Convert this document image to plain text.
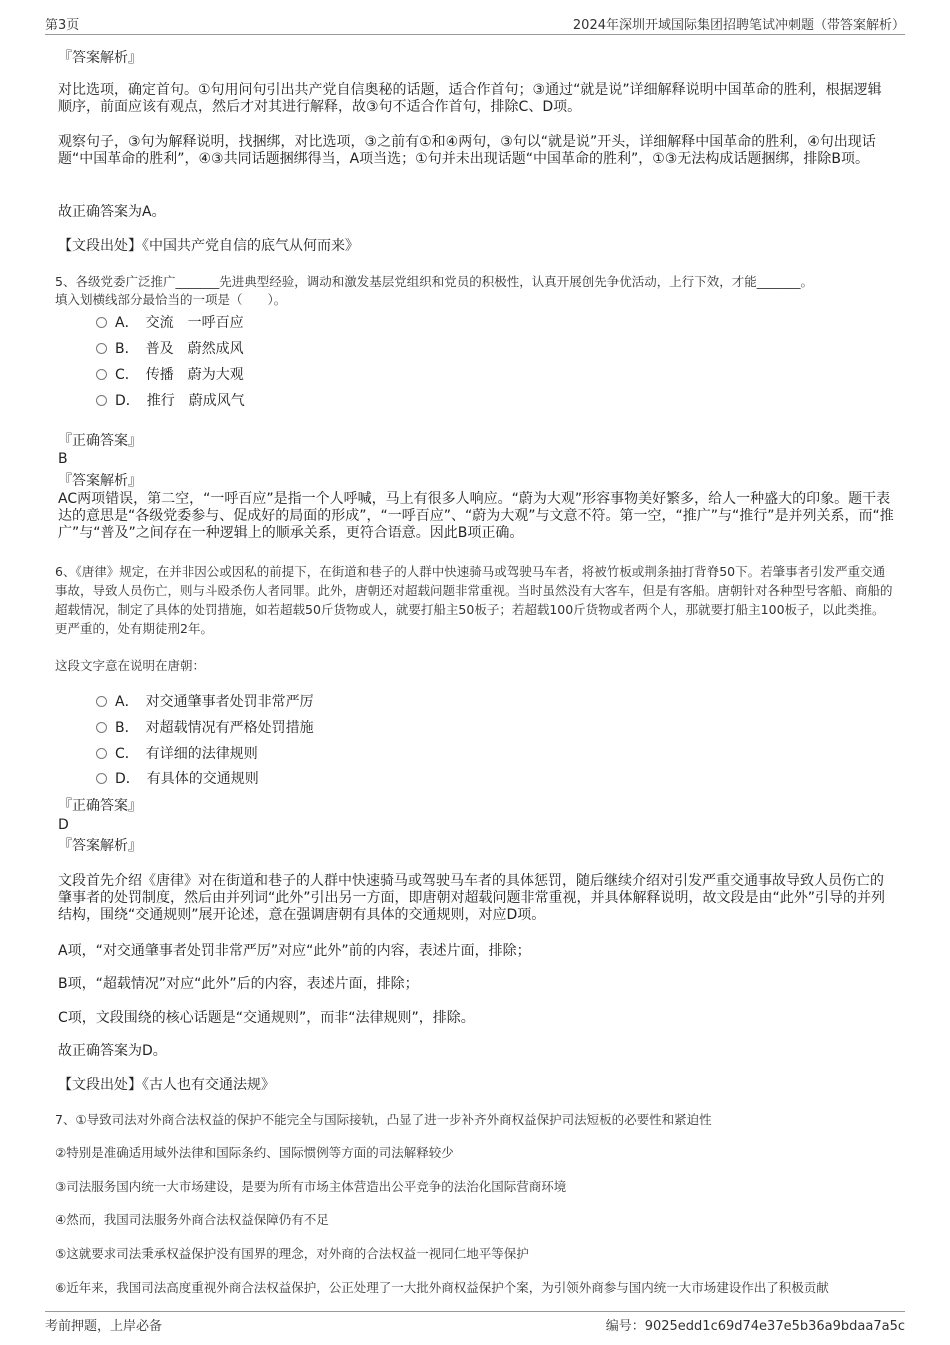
第3页	2024年深圳开域国际集团招聘笔试冲刺题（带答案解析）
『答案解析』
对比选项，确定首句。①句用问句引出共产党自信奥秘的话题，适合作首句；③通过“就是说”详细解释说明中国革命的胜利，根据逻辑顺序，前面应该有观点，然后才对其进行解释，故③句不适合作首句，排除C、D项。
观察句子，③句为解释说明，找捆绑，对比选项，③之前有①和④两句，③句以“就是说”开头，详细解释中国革命的胜利，④句出现话题“中国革命的胜利”，④③共同话题捆绑得当，A项当选；①句并未出现话题“中国革命的胜利”，①③无法构成话题捆绑，排除B项。
故正确答案为A。
【文段出处】《中国共产党自信的底气从何而来》
5、各级党委广泛推广_______先进典型经验，调动和激发基层党组织和党员的积极性，认真开展创先争优活动，上行下效，才能_______。
填入划横线部分最恰当的一项是（　　）。
A．　交流　一呼百应
B．　普及　蔚然成风
C．　传播　蔚为大观
D．　推行　蔚成风气
『正确答案』
B
『答案解析』
AC两项错误，第二空，“一呼百应”是指一个人呼喊，马上有很多人响应。“蔚为大观”形容事物美好繁多，给人一种盛大的印象。题干表达的意思是“各级党委参与、促成好的局面的形成”，“一呼百应”、“蔚为大观”与文意不符。第一空，“推广”与“推行”是并列关系，而“推广”与“普及”之间存在一种逻辑上的顺承关系，更符合语意。因此B项正确。
6、《唐律》规定，在并非因公或因私的前提下，在街道和巷子的人群中快速骑马或驾驶马车者，将被竹板或荆条抽打背脊50下。若肇事者引发严重交通事故，导致人员伤亡，则与斗殴杀伤人者同罪。此外，唐朝还对超载问题非常重视。当时虽然没有大客车，但是有客船。唐朝针对各种型号客船、商船的超载情况，制定了具体的处罚措施，如若超载50斤货物或人，就要打船主50板子；若超载100斤货物或者两个人，那就要打船主100板子，以此类推。更严重的，处有期徒刑2年。
这段文字意在说明在唐朝：
A．　对交通肇事者处罚非常严厉
B．　对超载情况有严格处罚措施
C．　有详细的法律规则
D．　有具体的交通规则
『正确答案』
D
『答案解析』
文段首先介绍《唐律》对在街道和巷子的人群中快速骑马或驾驶马车者的具体惩罚，随后继续介绍对引发严重交通事故导致人员伤亡的肇事者的处罚制度，然后由并列词“此外”引出另一方面，即唐朝对超载问题非常重视，并具体解释说明，故文段是由“此外”引导的并列结构，围绕“交通规则”展开论述，意在强调唐朝有具体的交通规则，对应D项。
A项，“对交通肇事者处罚非常严厉”对应“此外”前的内容，表述片面，排除；
B项，“超载情况”对应“此外”后的内容，表述片面，排除；
C项，文段围绕的核心话题是“交通规则”，而非“法律规则”，排除。
故正确答案为D。
【文段出处】《古人也有交通法规》
7、①导致司法对外商合法权益的保护不能完全与国际接轨，凸显了进一步补齐外商权益保护司法短板的必要性和紧迫性
②特别是准确适用域外法律和国际条约、国际惯例等方面的司法解释较少
③司法服务国内统一大市场建设，是要为所有市场主体营造出公平竞争的法治化国际营商环境
④然而，我国司法服务外商合法权益保障仍有不足
⑤这就要求司法秉承权益保护没有国界的理念，对外商的合法权益一视同仁地平等保护
⑥近年来，我国司法高度重视外商合法权益保护，公正处理了一大批外商权益保护个案，为引领外商参与国内统一大市场建设作出了积极贡献
考前押题，上岸必备	编号：9025edd1c69d74e37e5b36a9bdaa7a5c
